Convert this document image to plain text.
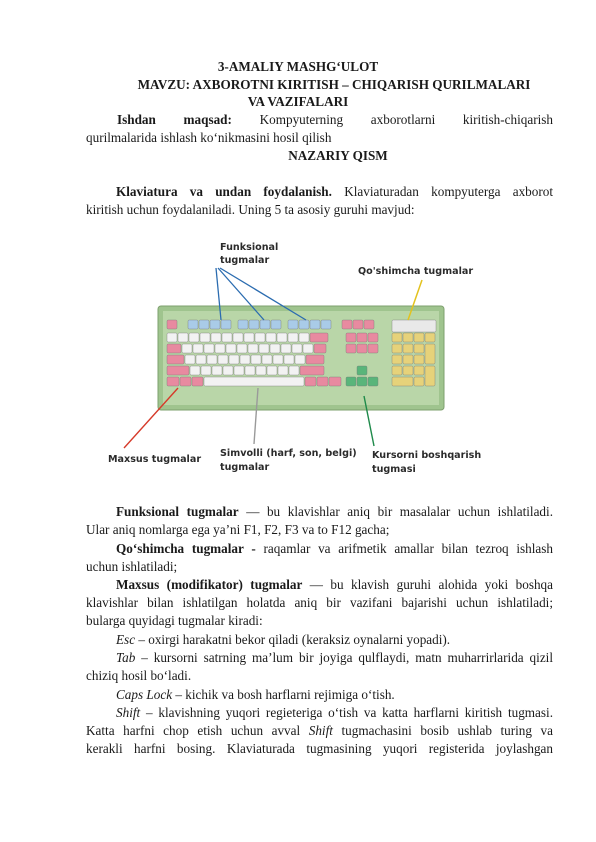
3-AMALIY MASHG‘ULOT
MAVZU: AXBOROTNI KIRITISH – CHIQARISH QURILMALARI
VA VAZIFALARI
Ishdan maqsad: Kompyuterning axborotlarni kiritish-chiqarish
qurilmalarida ishlash ko‘nikmasini hosil qilish
NAZARIY QISM
Klaviatura va undan foydalanish. Klaviaturadan kompyuterga axborot
kiritish uchun foydalaniladi. Uning 5 ta asosiy guruhi mavjud:
Funksional
tugmalar
Qo'shimcha tugmalar
Maxsus tugmalar
Simvolli (harf, son, belgi)
tugmalar
Kursorni boshqarish
tugmasi
Funksional tugmalar — bu klavishlar aniq bir masalalar uchun ishlatiladi.
Ular aniq nomlarga ega ya’ni F1, F2, F3 va to F12 gacha;
Qo‘shimcha tugmalar - raqamlar va arifmetik amallar bilan tezroq ishlash
uchun ishlatiladi;
Maxsus (modifikator) tugmalar — bu klavish guruhi alohida yoki boshqa
klavishlar bilan ishlatilgan holatda aniq bir vazifani bajarishi uchun ishlatiladi;
bularga quyidagi tugmalar kiradi:
Esc – oxirgi harakatni bekor qiladi (keraksiz oynalarni yopadi).
Tab – kursorni satrning ma’lum bir joyiga qulflaydi, matn muharrirlarida qizil
chiziq hosil bo‘ladi.
Caps Lock – kichik va bosh harflarni rejimiga o‘tish.
Shift – klavishning yuqori regieteriga o‘tish va katta harflarni kiritish tugmasi.
Katta harfni chop etish uchun avval Shift tugmachasini bosib ushlab turing va
kerakli harfni bosing. Klaviaturada tugmasining yuqori registerida joylashgan
